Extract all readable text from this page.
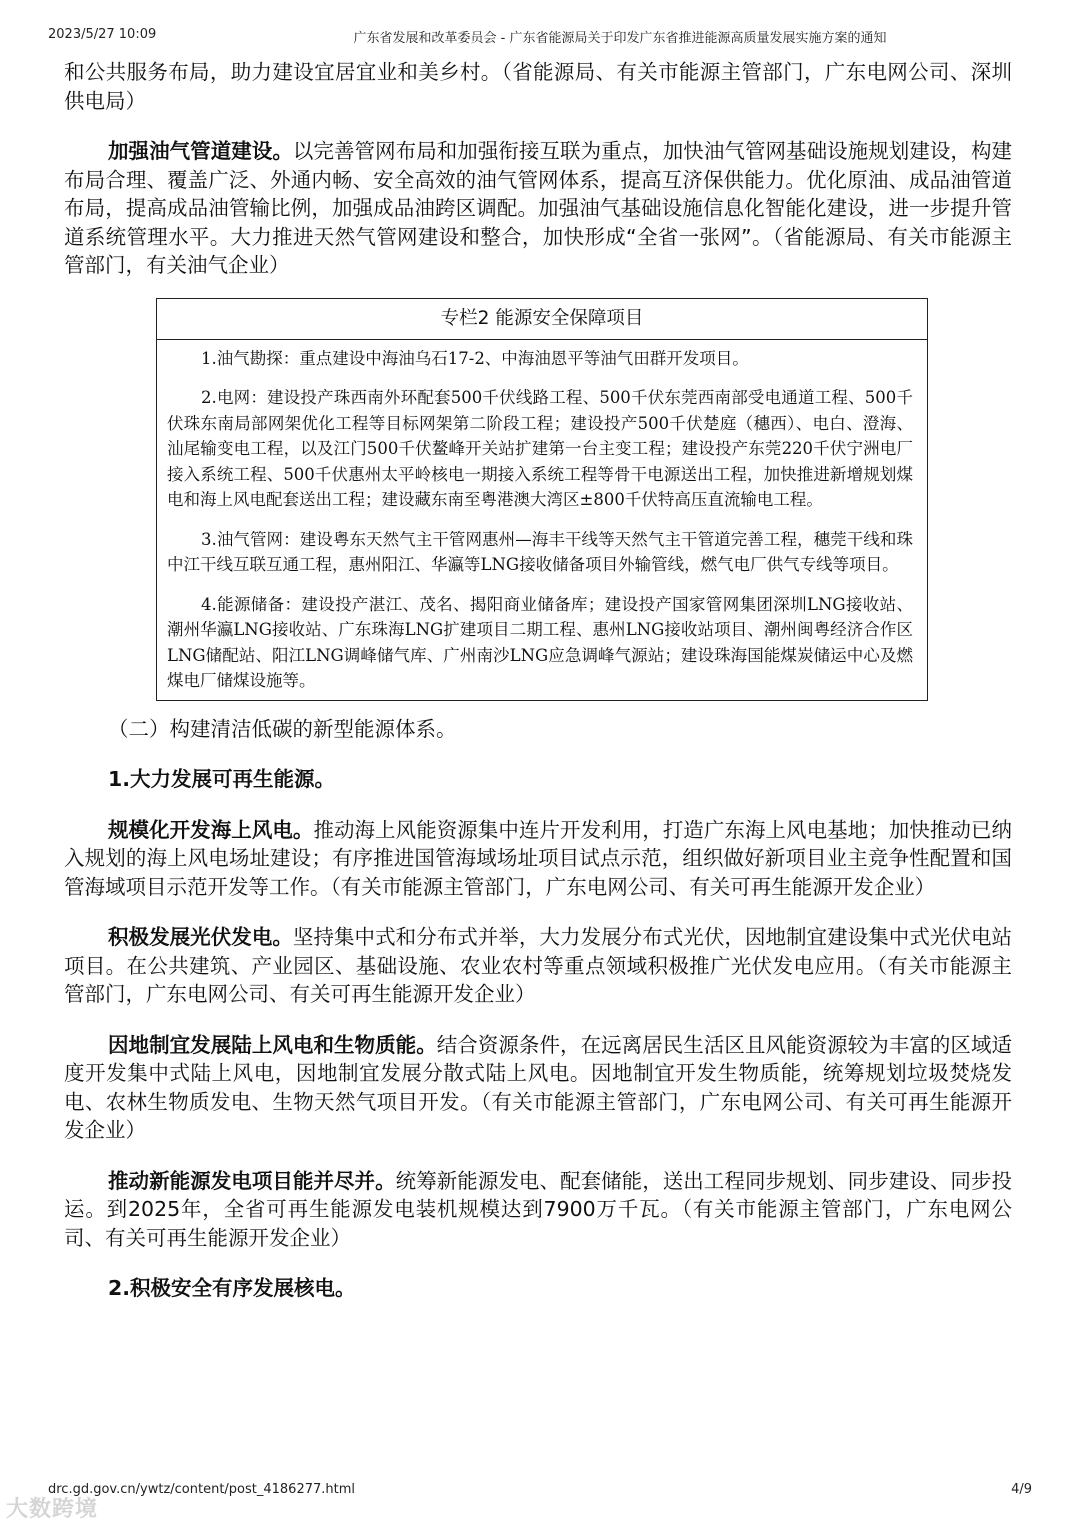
2023/5/27 10:09	广东省发展和改革委员会 - 广东省能源局关于印发广东省推进能源高质量发展实施方案的通知

和公共服务布局，助力建设宜居宜业和美乡村。（省能源局、有关市能源主管部门，广东电网公司、深圳供电局）

加强油气管道建设。以完善管网布局和加强衔接互联为重点，加快油气管网基础设施规划建设，构建布局合理、覆盖广泛、外通内畅、安全高效的油气管网体系，提高互济保供能力。优化原油、成品油管道布局，提高成品油管输比例，加强成品油跨区调配。加强油气基础设施信息化智能化建设，进一步提升管道系统管理水平。大力推进天然气管网建设和整合，加快形成“全省一张网”。（省能源局、有关市能源主管部门，有关油气企业）

专栏2 能源安全保障项目

1.油气勘探：重点建设中海油乌石17-2、中海油恩平等油气田群开发项目。

2.电网：建设投产珠西南外环配套500千伏线路工程、500千伏东莞西南部受电通道工程、500千伏珠东南局部网架优化工程等目标网架第二阶段工程；建设投产500千伏楚庭（穗西）、电白、澄海、汕尾输变电工程，以及江门500千伏鳌峰开关站扩建第一台主变工程；建设投产东莞220千伏宁洲电厂接入系统工程、500千伏惠州太平岭核电一期接入系统工程等骨干电源送出工程，加快推进新增规划煤电和海上风电配套送出工程；建设藏东南至粤港澳大湾区±800千伏特高压直流输电工程。

3.油气管网：建设粤东天然气主干管网惠州—海丰干线等天然气主干管道完善工程，穗莞干线和珠中江干线互联互通工程，惠州阳江、华瀛等LNG接收储备项目外输管线，燃气电厂供气专线等项目。

4.能源储备：建设投产湛江、茂名、揭阳商业储备库；建设投产国家管网集团深圳LNG接收站、潮州华瀛LNG接收站、广东珠海LNG扩建项目二期工程、惠州LNG接收站项目、潮州闽粤经济合作区LNG储配站、阳江LNG调峰储气库、广州南沙LNG应急调峰气源站；建设珠海国能煤炭储运中心及燃煤电厂储煤设施等。

（二）构建清洁低碳的新型能源体系。

1.大力发展可再生能源。

规模化开发海上风电。推动海上风能资源集中连片开发利用，打造广东海上风电基地；加快推动已纳入规划的海上风电场址建设；有序推进国管海域场址项目试点示范，组织做好新项目业主竞争性配置和国管海域项目示范开发等工作。（有关市能源主管部门，广东电网公司、有关可再生能源开发企业）

积极发展光伏发电。坚持集中式和分布式并举，大力发展分布式光伏，因地制宜建设集中式光伏电站项目。在公共建筑、产业园区、基础设施、农业农村等重点领域积极推广光伏发电应用。（有关市能源主管部门，广东电网公司、有关可再生能源开发企业）

因地制宜发展陆上风电和生物质能。结合资源条件，在远离居民生活区且风能资源较为丰富的区域适度开发集中式陆上风电，因地制宜发展分散式陆上风电。因地制宜开发生物质能，统筹规划垃圾焚烧发电、农林生物质发电、生物天然气项目开发。（有关市能源主管部门，广东电网公司、有关可再生能源开发企业）

推动新能源发电项目能并尽并。统筹新能源发电、配套储能，送出工程同步规划、同步建设、同步投运。到2025年，全省可再生能源发电装机规模达到7900万千瓦。（有关市能源主管部门，广东电网公司、有关可再生能源开发企业）

2.积极安全有序发展核电。

drc.gd.gov.cn/ywtz/content/post_4186277.html	4/9
大数跨境
